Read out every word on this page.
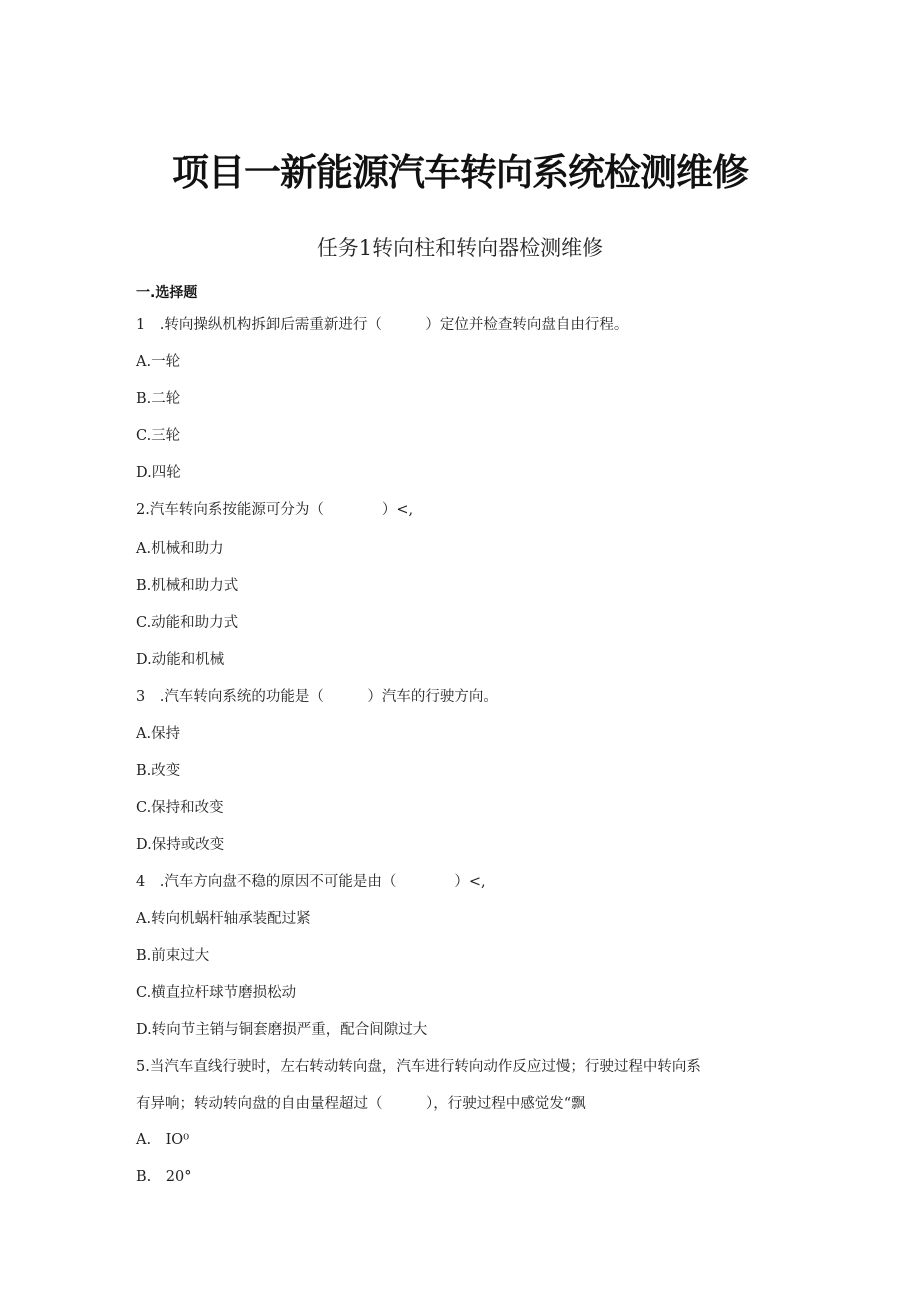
项目一新能源汽车转向系统检测维修
任务1转向柱和转向器检测维修
一.选择题
1　.转向操纵机构拆卸后需重新进行（　　　）定位并检查转向盘自由行程。
A.一轮
B.二轮
C.三轮
D.四轮
2.汽车转向系按能源可分为（　　　　）<,
A.机械和助力
B.机械和助力式
C.动能和助力式
D.动能和机械
3　.汽车转向系统的功能是（　　　）汽车的行驶方向。
A.保持
B.改变
C.保持和改变
D.保持或改变
4　.汽车方向盘不稳的原因不可能是由（　　　　）<,
A.转向机蜗杆轴承装配过紧
B.前束过大
C.横直拉杆球节磨损松动
D.转向节主销与铜套磨损严重，配合间隙过大
5.当汽车直线行驶时，左右转动转向盘，汽车进行转向动作反应过慢；行驶过程中转向系
有异响；转动转向盘的自由量程超过（　　　），行驶过程中感觉发“飘
A.　IO⁰
B.　20°
